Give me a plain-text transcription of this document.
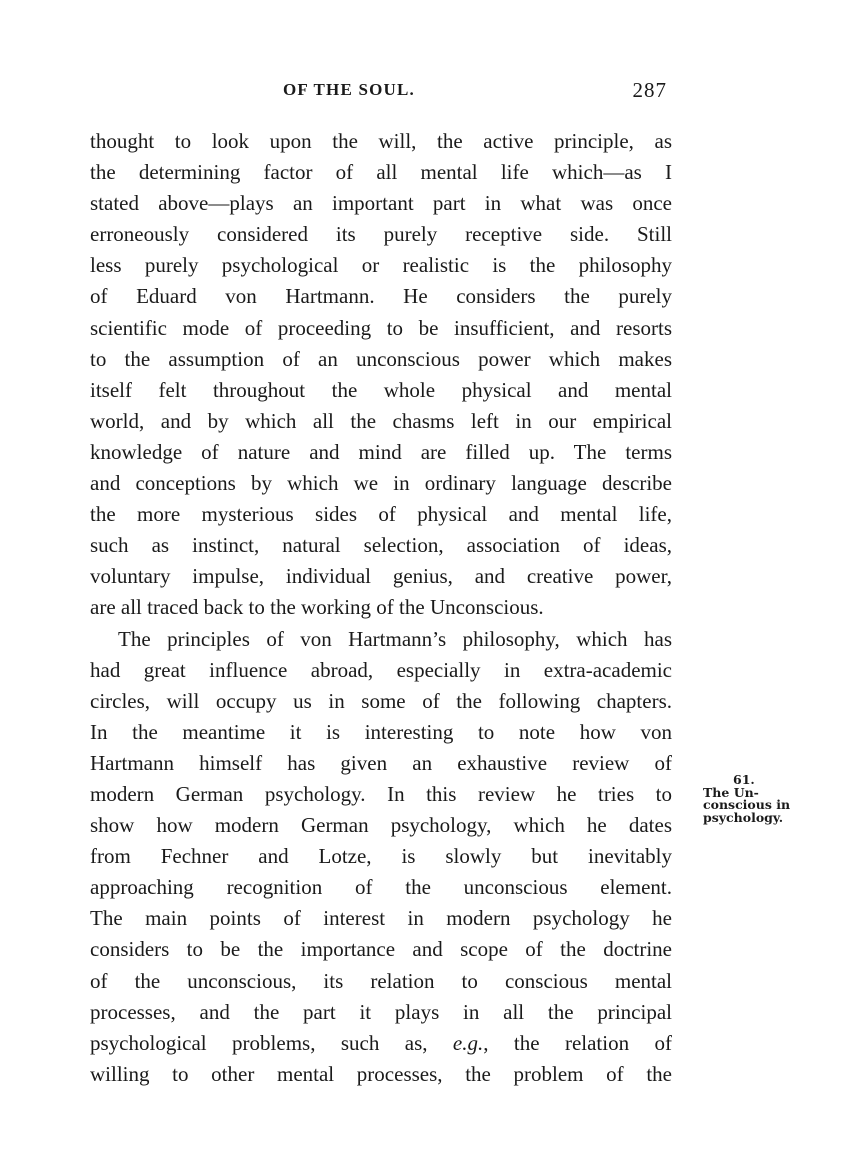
OF THE SOUL.	287
thought to look upon the will, the active principle, as
the determining factor of all mental life which—as I
stated above—plays an important part in what was once
erroneously considered its purely receptive side. Still
less purely psychological or realistic is the philosophy
of Eduard von Hartmann. He considers the purely
scientific mode of proceeding to be insufficient, and resorts
to the assumption of an unconscious power which makes
itself felt throughout the whole physical and mental
world, and by which all the chasms left in our empirical
knowledge of nature and mind are filled up. The terms
and conceptions by which we in ordinary language describe
the more mysterious sides of physical and mental life,
such as instinct, natural selection, association of ideas,
voluntary impulse, individual genius, and creative power,
are all traced back to the working of the Unconscious.
The principles of von Hartmann’s philosophy, which has
had great influence abroad, especially in extra-academic
circles, will occupy us in some of the following chapters.
In the meantime it is interesting to note how von
Hartmann himself has given an exhaustive review of
modern German psychology. In this review he tries to
show how modern German psychology, which he dates
from Fechner and Lotze, is slowly but inevitably
approaching recognition of the unconscious element.
The main points of interest in modern psychology he
considers to be the importance and scope of the doctrine
of the unconscious, its relation to conscious mental
processes, and the part it plays in all the principal
psychological problems, such as, e.g., the relation of
willing to other mental processes, the problem of the
61.
The Un-
conscious in
psychology.
